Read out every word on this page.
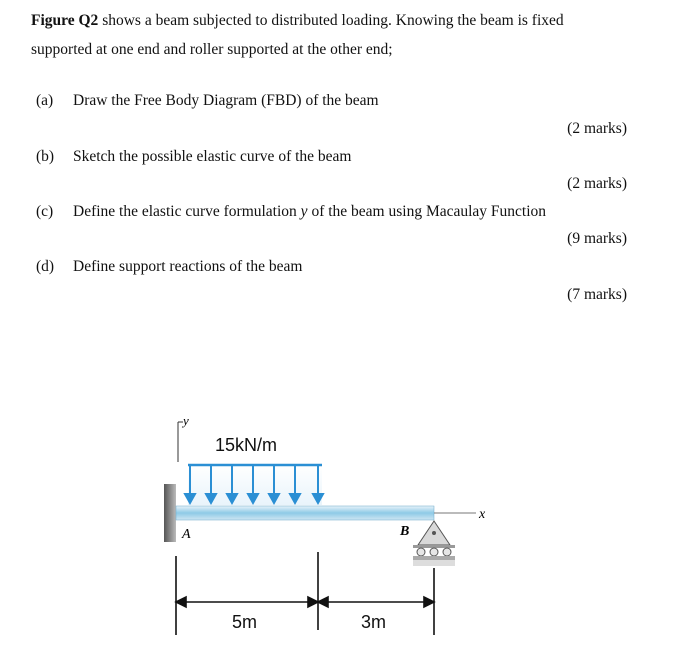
Figure Q2 shows a beam subjected to distributed loading. Knowing the beam is fixed
supported at one end and roller supported at the other end;
(a) Draw the Free Body Diagram (FBD) of the beam
(2 marks)
(b) Sketch the possible elastic curve of the beam
(2 marks)
(c) Define the elastic curve formulation y of the beam using Macaulay Function
(9 marks)
(d) Define support reactions of the beam
(7 marks)
y
15kN/m
x
A	B
5m	3m
